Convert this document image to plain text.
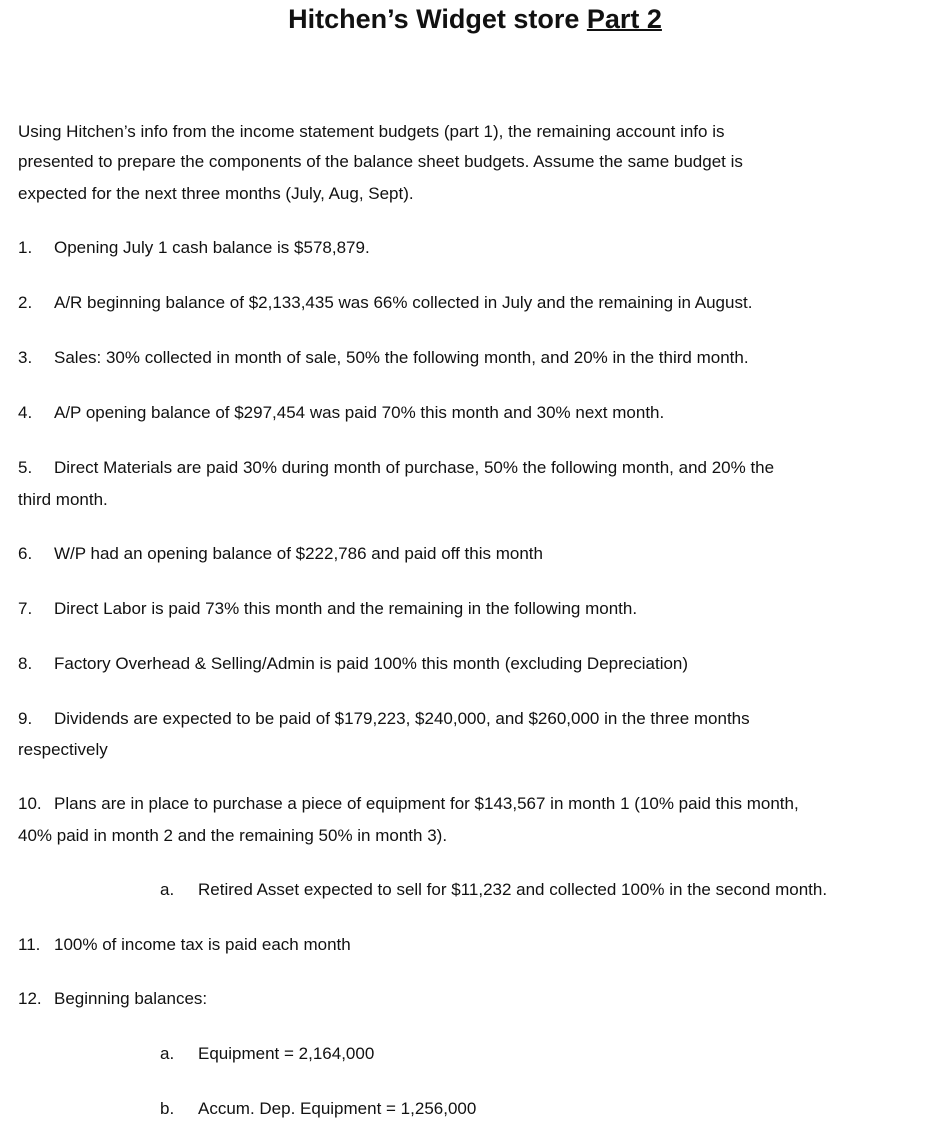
Hitchen’s Widget store Part 2
Using Hitchen’s info from the income statement budgets (part 1), the remaining account info is
presented to prepare the components of the balance sheet budgets. Assume the same budget is
expected for the next three months (July, Aug, Sept).
1. Opening July 1 cash balance is $578,879.
2. A/R beginning balance of $2,133,435 was 66% collected in July and the remaining in August.
3. Sales: 30% collected in month of sale, 50% the following month, and 20% in the third month.
4. A/P opening balance of $297,454 was paid 70% this month and 30% next month.
5. Direct Materials are paid 30% during month of purchase, 50% the following month, and 20% the
third month.
6. W/P had an opening balance of $222,786 and paid off this month
7. Direct Labor is paid 73% this month and the remaining in the following month.
8. Factory Overhead & Selling/Admin is paid 100% this month (excluding Depreciation)
9. Dividends are expected to be paid of $179,223, $240,000, and $260,000 in the three months
respectively
10. Plans are in place to purchase a piece of equipment for $143,567 in month 1 (10% paid this month,
40% paid in month 2 and the remaining 50% in month 3).
a. Retired Asset expected to sell for $11,232 and collected 100% in the second month.
11. 100% of income tax is paid each month
12. Beginning balances:
a. Equipment = 2,164,000
b. Accum. Dep. Equipment = 1,256,000
